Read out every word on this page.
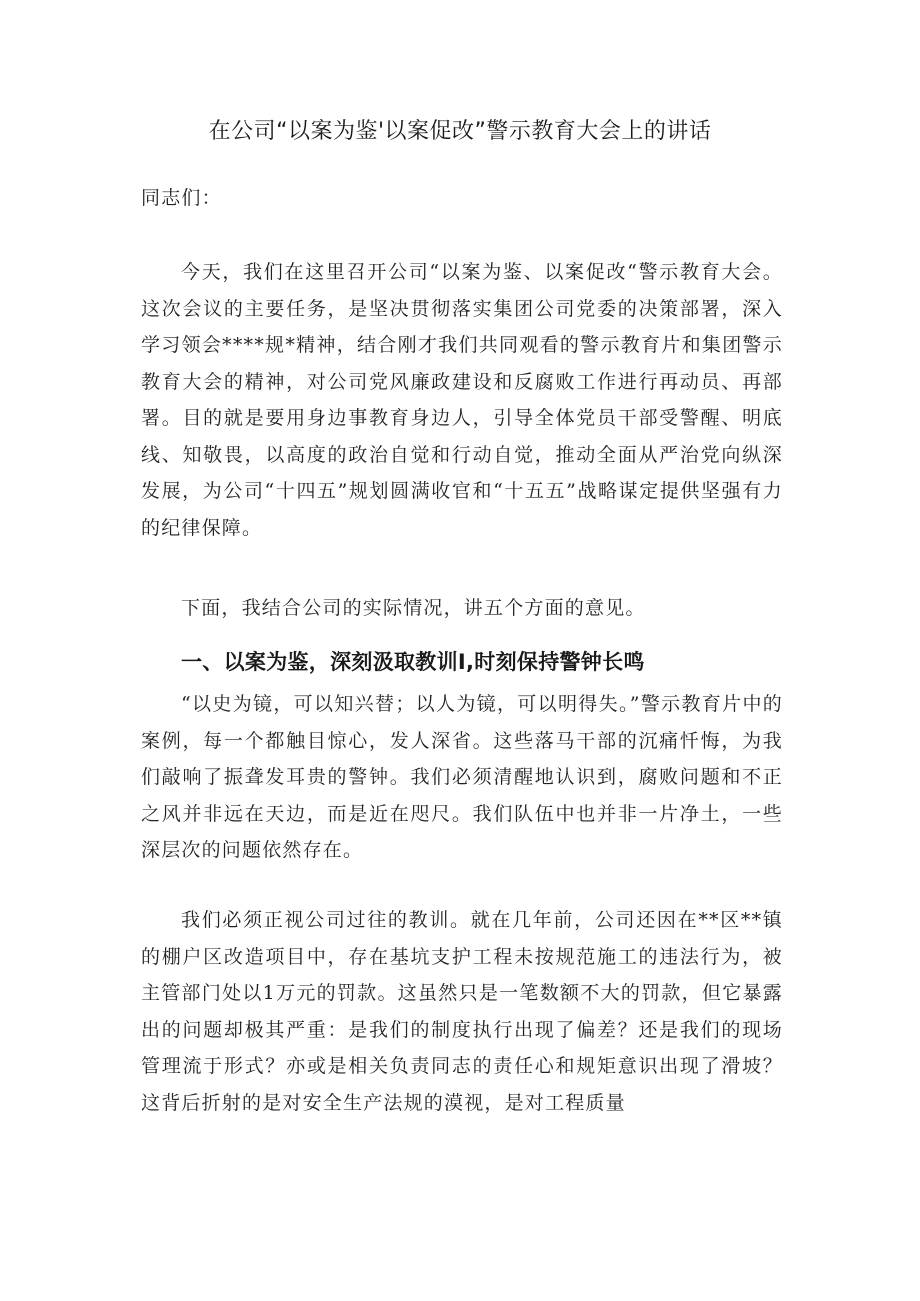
在公司“以案为鉴'以案促改”警示教育大会上的讲话

同志们：

今天，我们在这里召开公司“以案为鉴、以案促改“警示教育大会。这次会议的主要任务，是坚决贯彻落实集团公司党委的决策部署，深入学习领会****规*精神，结合刚才我们共同观看的警示教育片和集团警示教育大会的精神，对公司党风廉政建设和反腐败工作进行再动员、再部署。目的就是要用身边事教育身边人，引导全体党员干部受警醒、明底线、知敬畏，以高度的政治自觉和行动自觉，推动全面从严治党向纵深发展，为公司“十四五”规划圆满收官和“十五五”战略谋定提供坚强有力的纪律保障。

下面，我结合公司的实际情况，讲五个方面的意见。

一、以案为鉴，深刻汲取教训I,时刻保持警钟长鸣

“以史为镜，可以知兴替；以人为镜，可以明得失。”警示教育片中的案例，每一个都触目惊心，发人深省。这些落马干部的沉痛忏悔，为我们敲响了振聋发耳贵的警钟。我们必须清醒地认识到，腐败问题和不正之风并非远在天边，而是近在咫尺。我们队伍中也并非一片净土，一些深层次的问题依然存在。

我们必须正视公司过往的教训。就在几年前，公司还因在**区**镇的棚户区改造项目中，存在基坑支护工程未按规范施工的违法行为，被主管部门处以1万元的罚款。这虽然只是一笔数额不大的罚款，但它暴露出的问题却极其严重：是我们的制度执行出现了偏差？还是我们的现场管理流于形式？亦或是相关负责同志的责任心和规矩意识出现了滑坡？这背后折射的是对安全生产法规的漠视，是对工程质量
